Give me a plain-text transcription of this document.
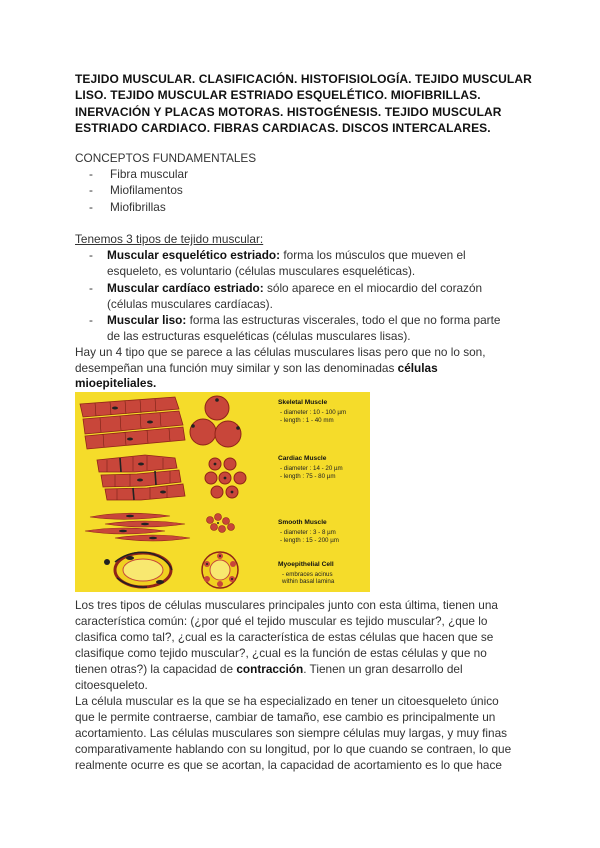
TEJIDO MUSCULAR. CLASIFICACIÓN. HISTOFISIOLOGÍA. TEJIDO MUSCULAR LISO. TEJIDO MUSCULAR ESTRIADO ESQUELÉTICO. MIOFIBRILLAS. INERVACIÓN Y PLACAS MOTORAS. HISTOGÉNESIS. TEJIDO MUSCULAR ESTRIADO CARDIACO. FIBRAS CARDIACAS. DISCOS INTERCALARES.
CONCEPTOS FUNDAMENTALES
- Fibra muscular
- Miofilamentos
- Miofibrillas
Tenemos 3 tipos de tejido muscular:
- Muscular esquelético estriado: forma los músculos que mueven el
esqueleto, es voluntario (células musculares esqueléticas).
- Muscular cardíaco estriado: sólo aparece en el miocardio del corazón
(células musculares cardíacas).
- Muscular liso: forma las estructuras viscerales, todo el que no forma parte
de las estructuras esqueléticas (células musculares lisas).
Hay un 4 tipo que se parece a las células musculares lisas pero que no lo son,
desempeñan una función muy similar y son las denominadas células
mioepiteliales.
Skeletal Muscle
- diameter : 10 - 100 µm
- length : 1 - 40 mm
Cardiac Muscle
- diameter : 14 - 20 µm
- length : 75 - 80 µm
Smooth Muscle
- diameter : 3 - 8 µm
- length : 15 - 200 µm
Myoepithelial Cell
- embraces acinus
within basal lamina
Los tres tipos de células musculares principales junto con esta última, tienen una
característica común: (¿por qué el tejido muscular es tejido muscular?, ¿que lo
clasifica como tal?, ¿cual es la característica de estas células que hacen que se
clasifique como tejido muscular?, ¿cual es la función de estas células y que no
tienen otras?) la capacidad de contracción. Tienen un gran desarrollo del
citoesqueleto.
La célula muscular es la que se ha especializado en tener un citoesqueleto único
que le permite contraerse, cambiar de tamaño, ese cambio es principalmente un
acortamiento. Las células musculares son siempre células muy largas, y muy finas
comparativamente hablando con su longitud, por lo que cuando se contraen, lo que
realmente ocurre es que se acortan, la capacidad de acortamiento es lo que hace
